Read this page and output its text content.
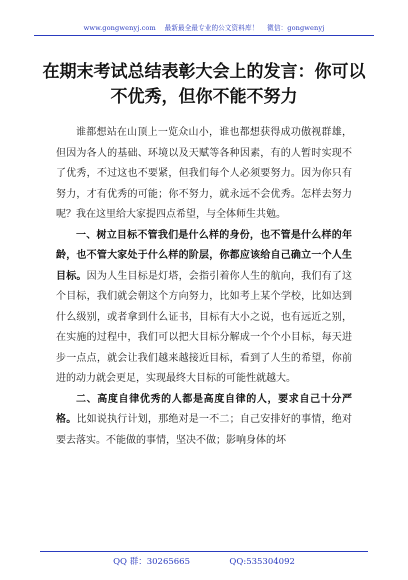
www.gongwenyj.com 最新最全最专业的公文资料库！ 微信：gongwenyj
在期末考试总结表彰大会上的发言：你可以不优秀，但你不能不努力

谁都想站在山顶上一览众山小，谁也都想获得成功傲视群雄，但因为各人的基础、环境以及天赋等各种因素，有的人暂时实现不了优秀，不过这也不要紧，但我们每个人必须要努力。因为你只有努力，才有优秀的可能；你不努力，就永远不会优秀。怎样去努力呢？我在这里给大家提四点希望，与全体师生共勉。

一、树立目标不管我们是什么样的身份，也不管是什么样的年龄，也不管大家处于什么样的阶层，你都应该给自己确立一个人生目标。因为人生目标是灯塔，会指引着你人生的航向，我们有了这个目标，我们就会朝这个方向努力，比如考上某个学校，比如达到什么级别，或者拿到什么证书，目标有大小之说，也有远近之别，在实施的过程中，我们可以把大目标分解成一个个小目标，每天进步一点点，就会让我们越来越接近目标，看到了人生的希望，你前进的动力就会更足，实现最终大目标的可能性就越大。

二、高度自律优秀的人都是高度自律的人，要求自己十分严格。比如说执行计划，那绝对是一不二；自己安排好的事情，绝对要去落实。不能做的事情，坚决不做；影响身体的坏

QQ 群：30265665	QQ:535304092
